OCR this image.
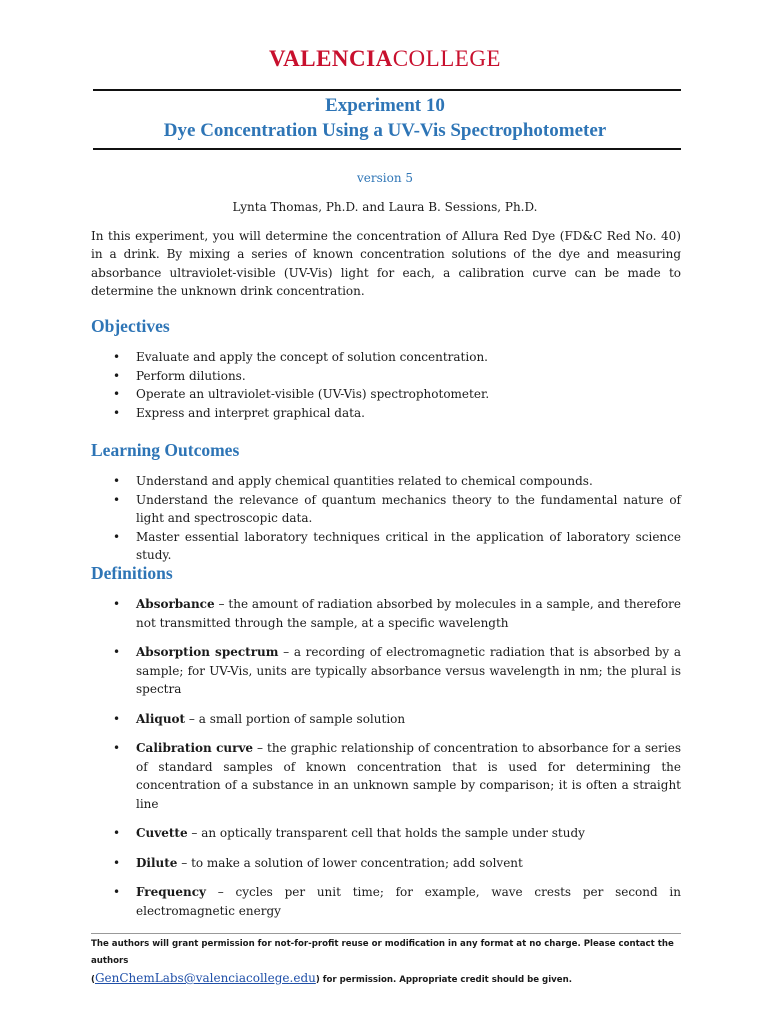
VALENCIACOLLEGE
Experiment 10
Dye Concentration Using a UV-Vis Spectrophotometer
version 5
Lynta Thomas, Ph.D. and Laura B. Sessions, Ph.D.
In this experiment, you will determine the concentration of Allura Red Dye (FD&C Red No. 40) in a drink. By mixing a series of known concentration solutions of the dye and measuring absorbance ultraviolet-visible (UV-Vis) light for each, a calibration curve can be made to determine the unknown drink concentration.
Objectives
• Evaluate and apply the concept of solution concentration.
• Perform dilutions.
• Operate an ultraviolet-visible (UV-Vis) spectrophotometer.
• Express and interpret graphical data.
Learning Outcomes
• Understand and apply chemical quantities related to chemical compounds.
• Understand the relevance of quantum mechanics theory to the fundamental nature of light and spectroscopic data.
• Master essential laboratory techniques critical in the application of laboratory science study.
Definitions
• Absorbance – the amount of radiation absorbed by molecules in a sample, and therefore not transmitted through the sample, at a specific wavelength
• Absorption spectrum – a recording of electromagnetic radiation that is absorbed by a sample; for UV-Vis, units are typically absorbance versus wavelength in nm; the plural is spectra
• Aliquot – a small portion of sample solution
• Calibration curve – the graphic relationship of concentration to absorbance for a series of standard samples of known concentration that is used for determining the concentration of a substance in an unknown sample by comparison; it is often a straight line
• Cuvette – an optically transparent cell that holds the sample under study
• Dilute – to make a solution of lower concentration; add solvent
• Frequency – cycles per unit time; for example, wave crests per second in electromagnetic energy
The authors will grant permission for not-for-profit reuse or modification in any format at no charge. Please contact the authors
(GenChemLabs@valenciacollege.edu) for permission. Appropriate credit should be given.
